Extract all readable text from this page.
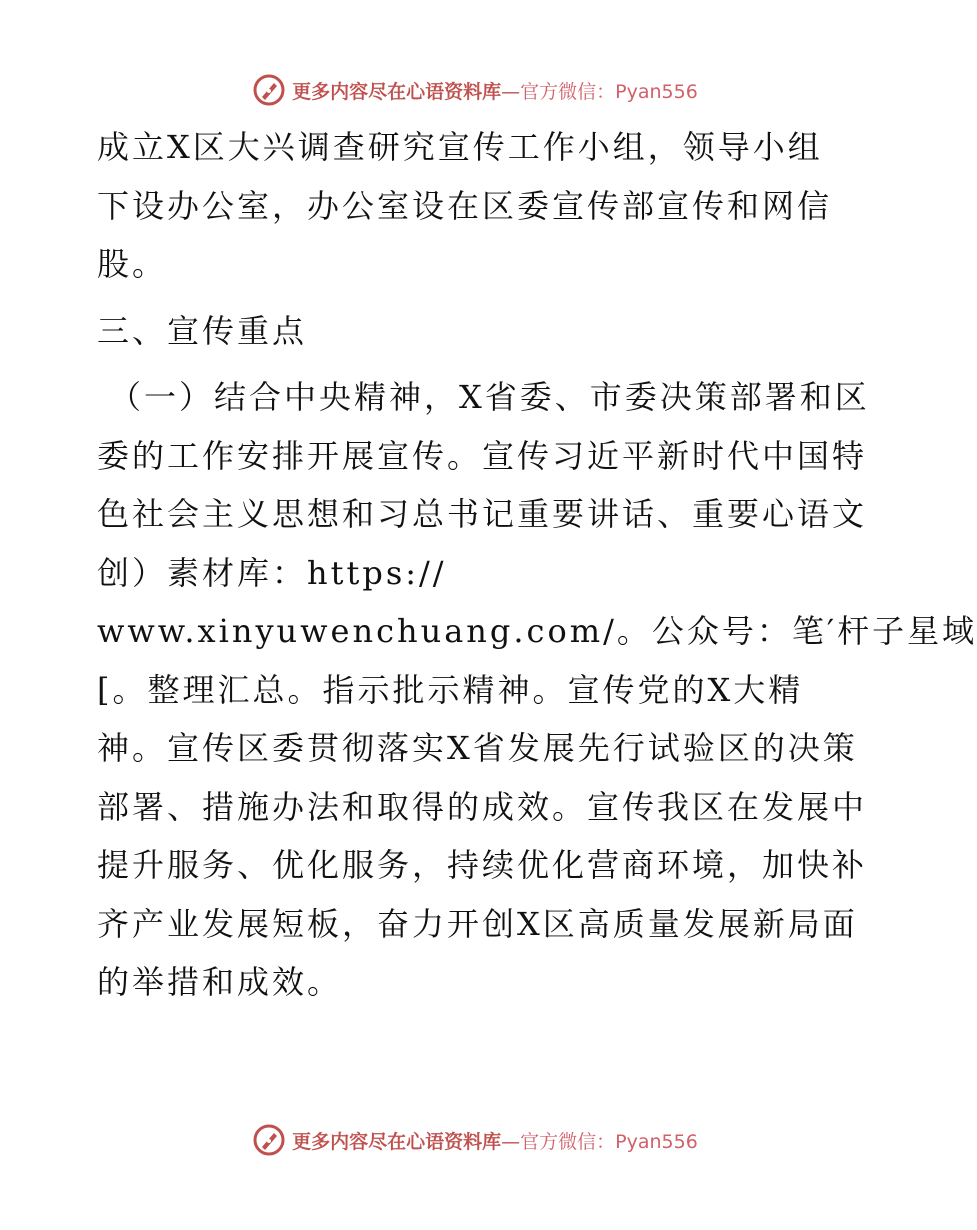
更多内容尽在心语资料库—官方微信：Pyan556
成立X区大兴调查研究宣传工作小组，领导小组
下设办公室，办公室设在区委宣传部宣传和网信
股。
三、宣传重点
（一）结合中央精神，X省委、市委决策部署和区
委的工作安排开展宣传。宣传习近平新时代中国特
色社会主义思想和习总书记重要讲话、重要心语文
创）素材库：https://
www.xinyuwenchuang.com/。公众号：笔′杆子星域
[。整理汇总。指示批示精神。宣传党的X大精
神。宣传区委贯彻落实X省发展先行试验区的决策
部署、措施办法和取得的成效。宣传我区在发展中
提升服务、优化服务，持续优化营商环境，加快补
齐产业发展短板，奋力开创X区高质量发展新局面
的举措和成效。
更多内容尽在心语资料库—官方微信：Pyan556
